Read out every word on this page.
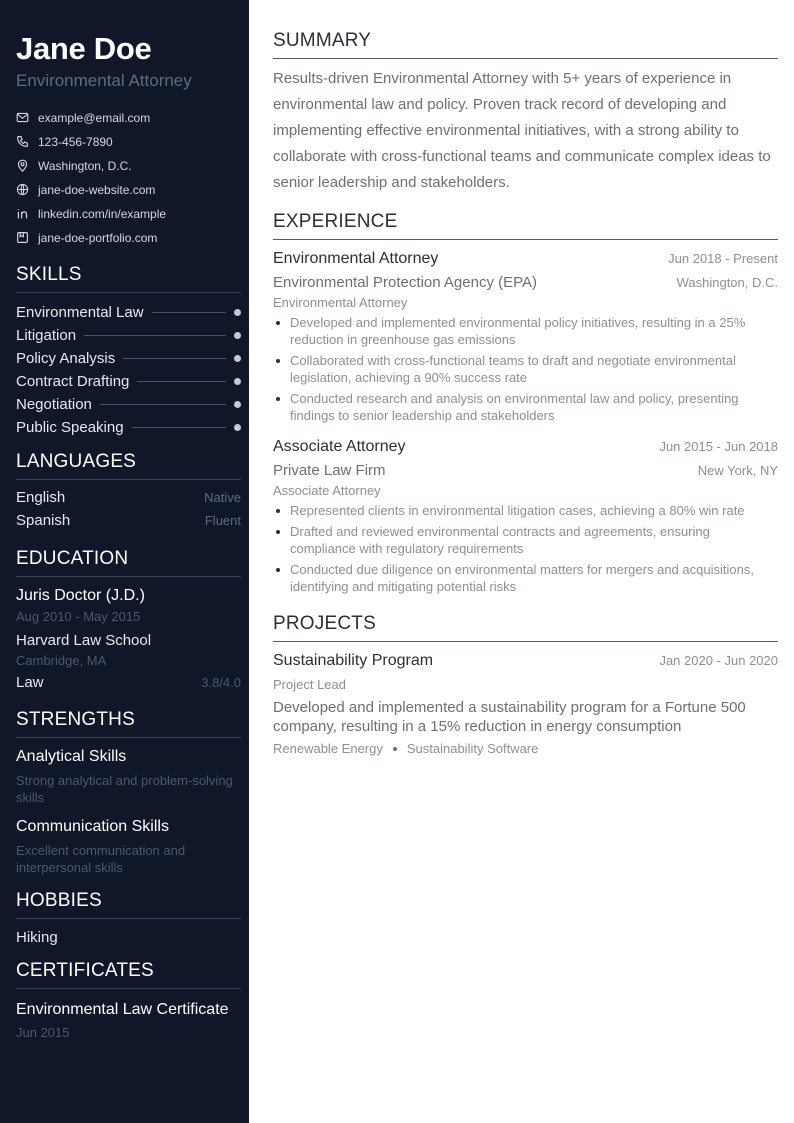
Jane Doe
Environmental Attorney
example@email.com
123-456-7890
Washington, D.C.
jane-doe-website.com
linkedin.com/in/example
jane-doe-portfolio.com
SKILLS
Environmental Law
Litigation
Policy Analysis
Contract Drafting
Negotiation
Public Speaking
LANGUAGES
English	Native
Spanish	Fluent
EDUCATION
Juris Doctor (J.D.)
Aug 2010 - May 2015
Harvard Law School
Cambridge, MA
Law	3.8/4.0
STRENGTHS
Analytical Skills
Strong analytical and problem-solving skills
Communication Skills
Excellent communication and interpersonal skills
HOBBIES
Hiking
CERTIFICATES
Environmental Law Certificate
Jun 2015
SUMMARY
Results-driven Environmental Attorney with 5+ years of experience in environmental law and policy. Proven track record of developing and implementing effective environmental initiatives, with a strong ability to collaborate with cross-functional teams and communicate complex ideas to senior leadership and stakeholders.
EXPERIENCE
Environmental Attorney	Jun 2018 - Present
Environmental Protection Agency (EPA)	Washington, D.C.
Environmental Attorney
Developed and implemented environmental policy initiatives, resulting in a 25% reduction in greenhouse gas emissions
Collaborated with cross-functional teams to draft and negotiate environmental legislation, achieving a 90% success rate
Conducted research and analysis on environmental law and policy, presenting findings to senior leadership and stakeholders
Associate Attorney	Jun 2015 - Jun 2018
Private Law Firm	New York, NY
Associate Attorney
Represented clients in environmental litigation cases, achieving a 80% win rate
Drafted and reviewed environmental contracts and agreements, ensuring compliance with regulatory requirements
Conducted due diligence on environmental matters for mergers and acquisitions, identifying and mitigating potential risks
PROJECTS
Sustainability Program	Jan 2020 - Jun 2020
Project Lead
Developed and implemented a sustainability program for a Fortune 500 company, resulting in a 15% reduction in energy consumption
Renewable Energy Sustainability Software
